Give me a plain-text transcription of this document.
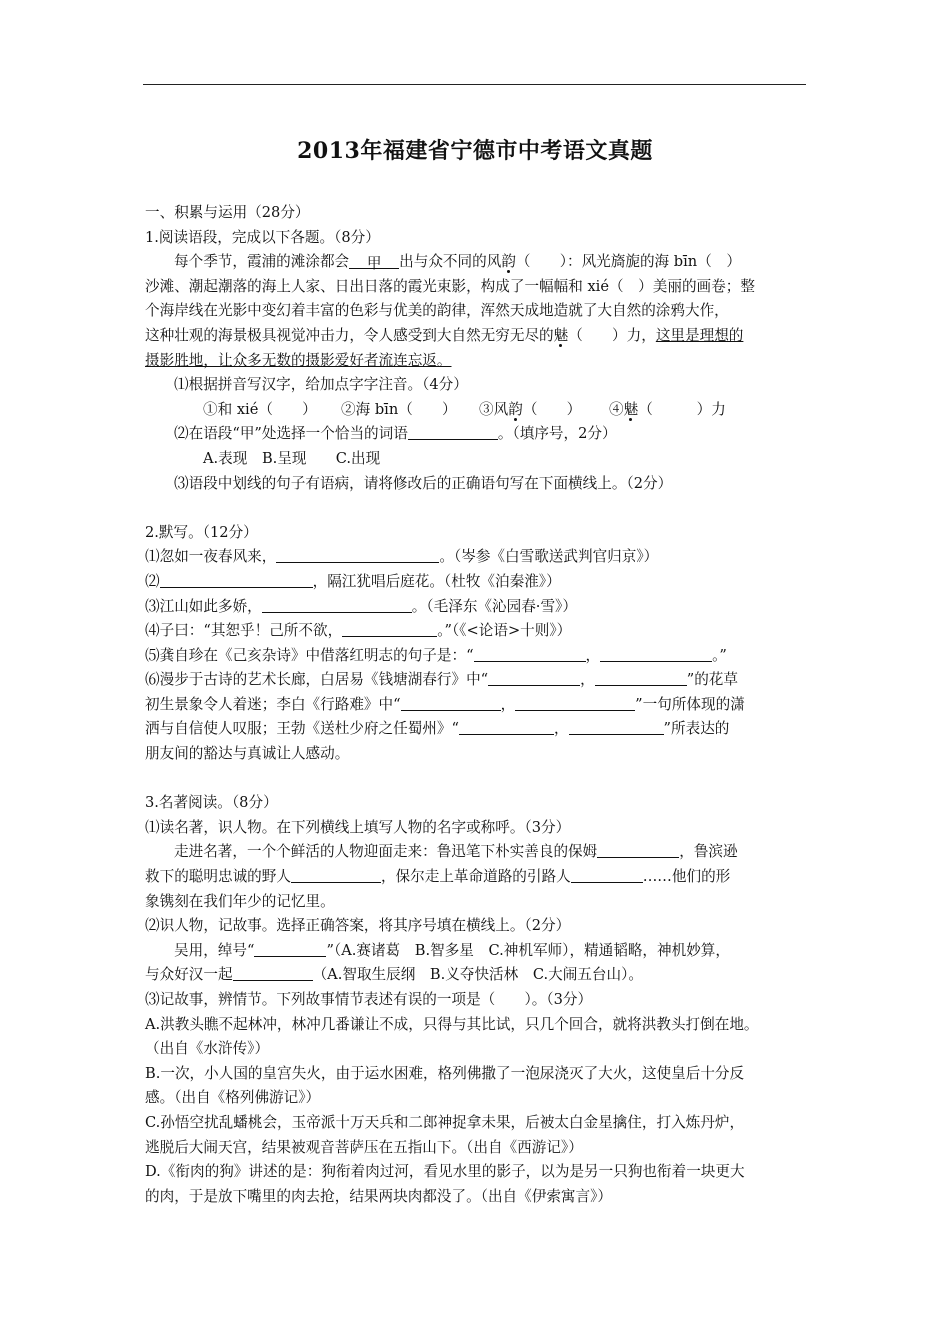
2013年福建省宁德市中考语文真题
一、积累与运用（28分）
1.阅读语段，完成以下各题。（8分）
每个季节，霞浦的滩涂都会 甲 出与众不同的风韵（　　）：风光旖旎的海 bīn（　）
沙滩、潮起潮落的海上人家、日出日落的霞光束影，构成了一幅幅和 xié（　）美丽的画卷；整
个海岸线在光影中变幻着丰富的色彩与优美的韵律，浑然天成地造就了大自然的涂鸦大作，
这种壮观的海景极具视觉冲击力，令人感受到大自然无穷无尽的魅（　　）力，这里是理想的
摄影胜地，让众多无数的摄影爱好者流连忘返。
⑴根据拼音写汉字，给加点字字注音。（4分）
①和 xié（　　） ②海 bīn（　　） ③风韵（　　） ④魅（　　　）力
⑵在语段“甲”处选择一个恰当的词语	。（填序号，2分）
A.表现　B.呈现　　C.出现
⑶语段中划线的句子有语病，请将修改后的正确语句写在下面横线上。（2分）
2.默写。（12分）
⑴忽如一夜春风来，	。（岑参《白雪歌送武判官归京》）
⑵	，隔江犹唱后庭花。（杜牧《泊秦淮》）
⑶江山如此多娇，	。（毛泽东《沁园春·雪》）
⑷子曰：“其恕乎！己所不欲，	。”（《<论语>十则》）
⑸龚自珍在《己亥杂诗》中借落红明志的句子是：“	，	。”
⑹漫步于古诗的艺术长廊，白居易《钱塘湖春行》中“	，	”的花草
初生景象令人着迷；李白《行路难》中“	，	”一句所体现的潇
洒与自信使人叹服；王勃《送杜少府之任蜀州》“	，	”所表达的
朋友间的豁达与真诚让人感动。
3.名著阅读。（8分）
⑴读名著，识人物。在下列横线上填写人物的名字或称呼。（3分）
走进名著，一个个鲜活的人物迎面走来：鲁迅笔下朴实善良的保姆	，鲁滨逊
救下的聪明忠诚的野人	，保尔走上革命道路的引路人	……他们的形
象镌刻在我们年少的记忆里。
⑵识人物，记故事。选择正确答案，将其序号填在横线上。（2分）
吴用，绰号“	”（A.赛诸葛　B.智多星　C.神机军师），精通韬略，神机妙算，
与众好汉一起	（A.智取生辰纲　B.义夺快活林　C.大闹五台山）。
⑶记故事，辨情节。下列故事情节表述有误的一项是（　　）。（3分）
A.洪教头瞧不起林冲，林冲几番谦让不成，只得与其比试，只几个回合，就将洪教头打倒在地。
（出自《水浒传》）
B.一次，小人国的皇宫失火，由于运水困难，格列佛撒了一泡尿浇灭了大火，这使皇后十分反
感。（出自《格列佛游记》）
C.孙悟空扰乱蟠桃会，玉帝派十万天兵和二郎神捉拿未果，后被太白金星擒住，打入炼丹炉，
逃脱后大闹天宫，结果被观音菩萨压在五指山下。（出自《西游记》）
D.《衔肉的狗》讲述的是：狗衔着肉过河，看见水里的影子，以为是另一只狗也衔着一块更大
的肉，于是放下嘴里的肉去抢，结果两块肉都没了。（出自《伊索寓言》）
